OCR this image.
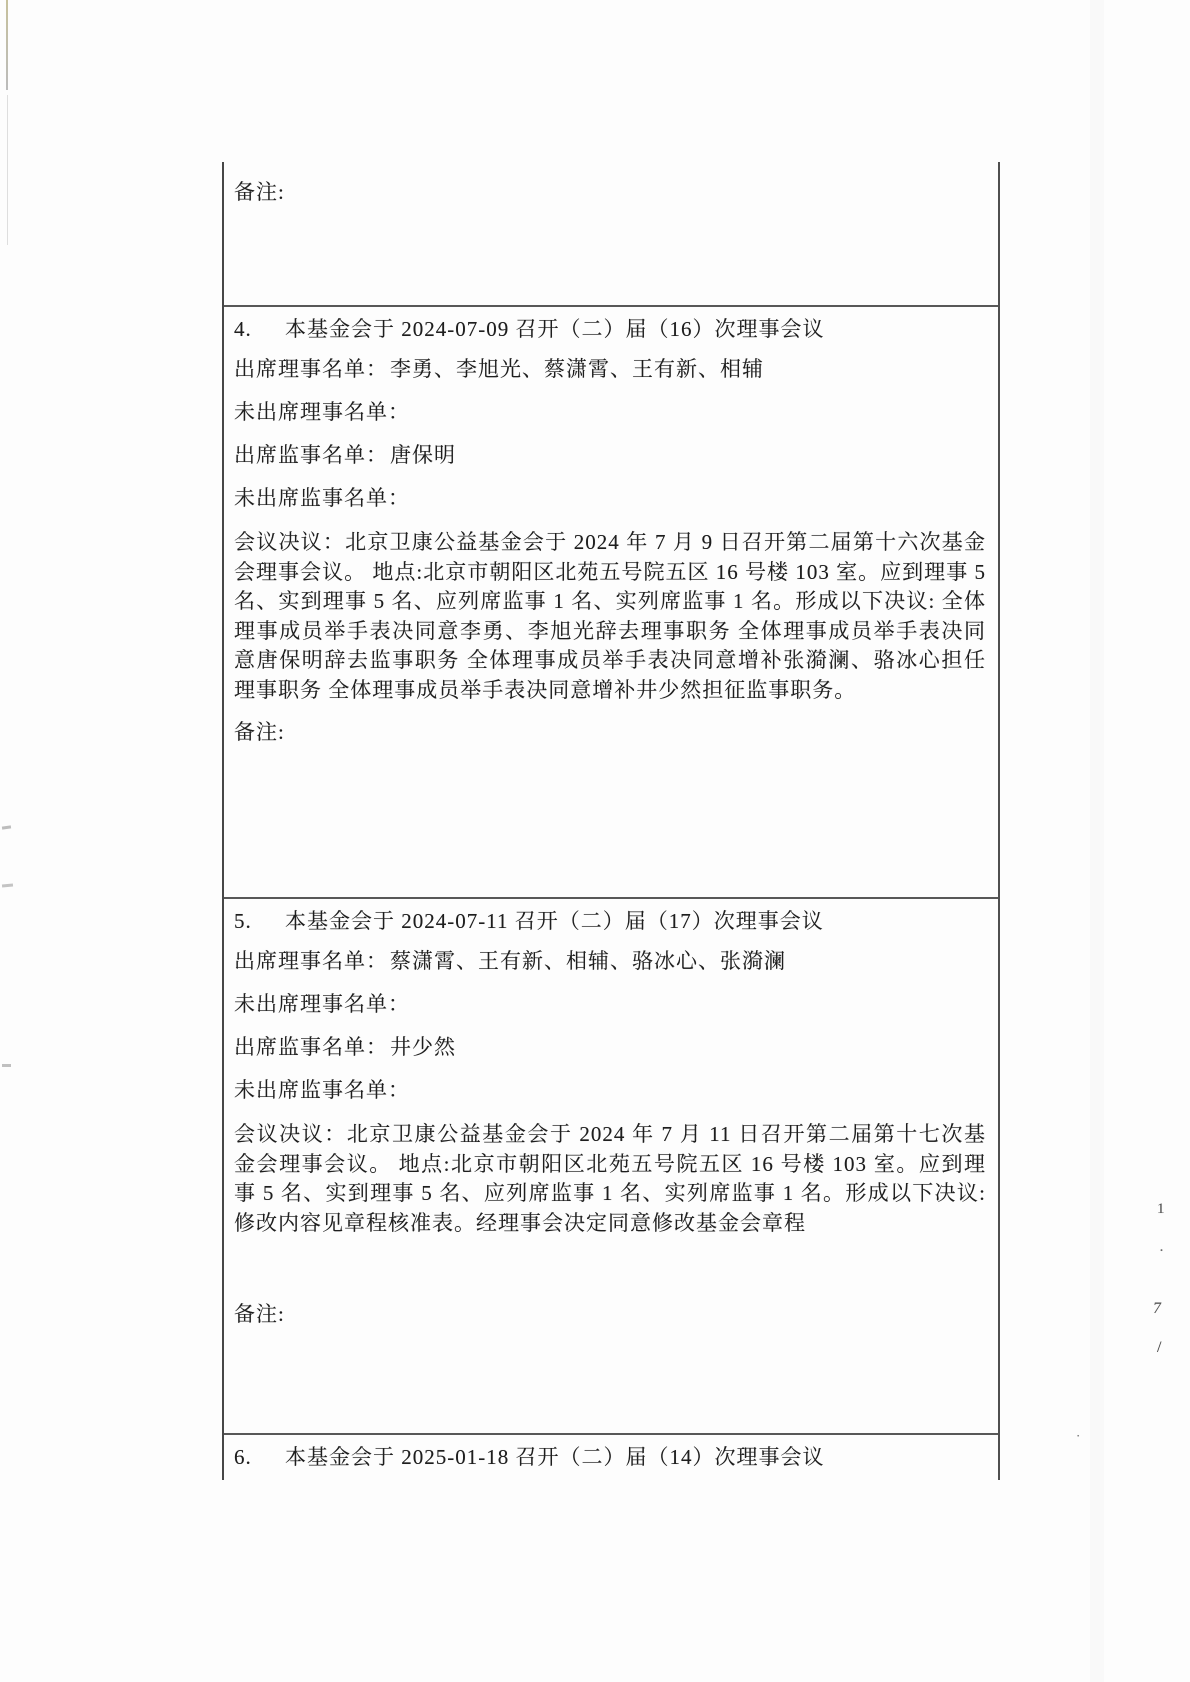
备注:
4. 本基金会于 2024-07-09 召开（二）届（16）次理事会议

出席理事名单：李勇、李旭光、蔡潇霄、王有新、相辅

未出席理事名单：

出席监事名单：唐保明

未出席监事名单：

会议决议：北京卫康公益基金会于 2024 年 7 月 9 日召开第二届第十六次基金会理事会议。 地点:北京市朝阳区北苑五号院五区 16 号楼 103 室。应到理事 5 名、实到理事 5 名、应列席监事 1 名、实列席监事 1 名。形成以下决议: 全体理事成员举手表决同意李勇、李旭光辞去理事职务 全体理事成员举手表决同意唐保明辞去监事职务 全体理事成员举手表决同意增补张漪澜、骆冰心担任理事职务 全体理事成员举手表决同意增补井少然担征监事职务。

备注:
5. 本基金会于 2024-07-11 召开（二）届（17）次理事会议

出席理事名单：蔡潇霄、王有新、相辅、骆冰心、张漪澜

未出席理事名单：

出席监事名单：井少然

未出席监事名单：

会议决议：北京卫康公益基金会于 2024 年 7 月 11 日召开第二届第十七次基金会理事会议。 地点:北京市朝阳区北苑五号院五区 16 号楼 103 室。应到理事 5 名、实到理事 5 名、应列席监事 1 名、实列席监事 1 名。形成以下决议:修改内容见章程核准表。经理事会决定同意修改基金会章程

备注:
6. 本基金会于 2025-01-18 召开（二）届（14）次理事会议
1
·
7
/
·
